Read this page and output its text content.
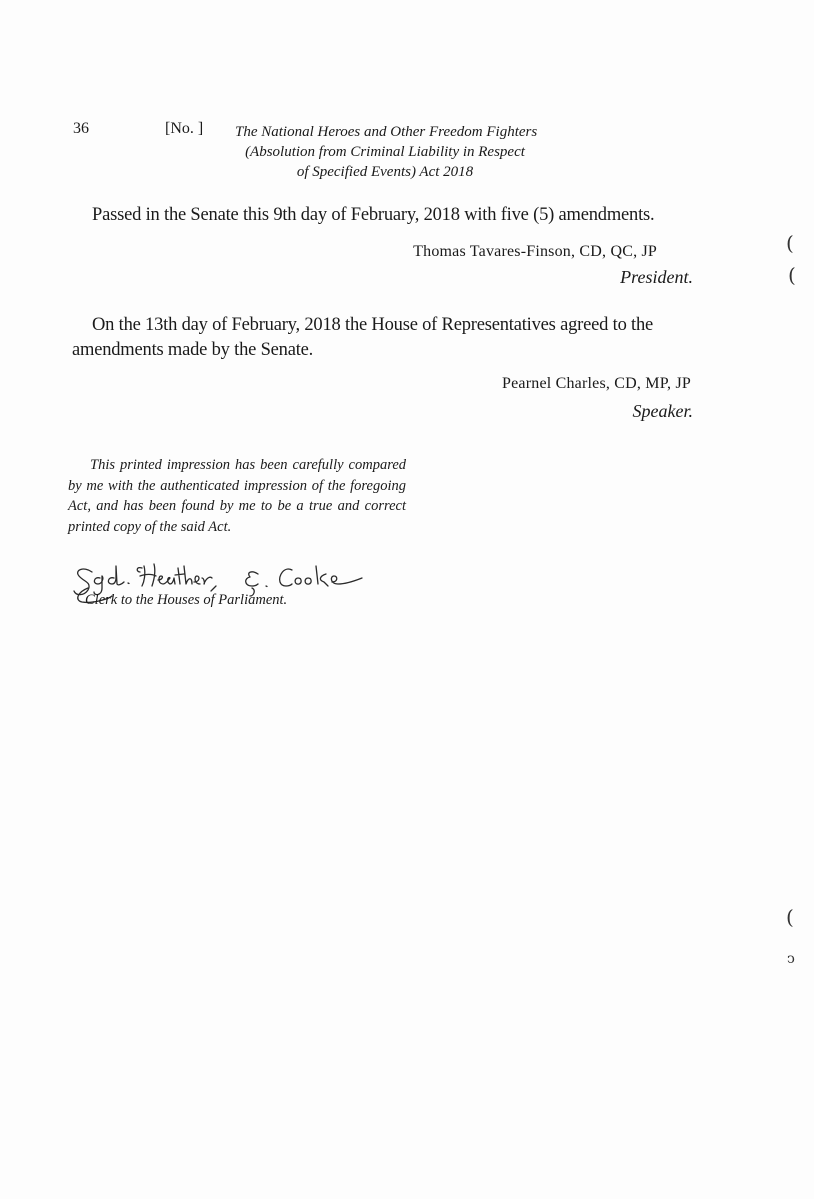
36	[No. ] The National Heroes and Other Freedom Fighters
(Absolution from Criminal Liability in Respect
of Specified Events) Act 2018
Passed in the Senate this 9th day of February, 2018 with five (5) amendments.
Thomas Tavares-Finson, CD, QC, JP
President.
On the 13th day of February, 2018 the House of Representatives agreed to the amendments made by the Senate.
Pearnel Charles, CD, MP, JP
Speaker.
This printed impression has been carefully compared by me with the authenticated impression of the foregoing Act, and has been found by me to be a true and correct printed copy of the said Act.
Clerk to the Houses of Parliament.
(
(
(
ↄ
